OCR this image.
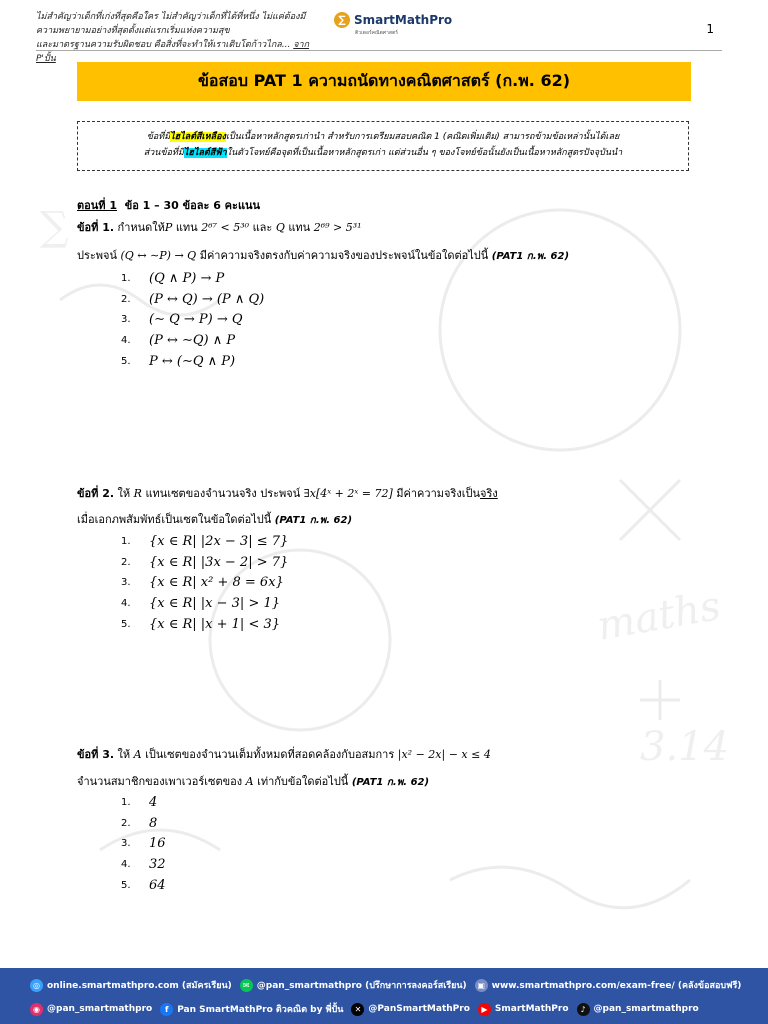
maths
3.14
∑
ไม่สำคัญว่าเด็กที่เก่งที่สุดคือใคร ไม่สำคัญว่าเด็กที่ได้ที่หนึ่ง ไม่แค่ต้องมีความพยายามอย่างที่สุดตั้งแต่แรกเริ่มแห่งความสุข
และมาตรฐานความรับผิดชอบ คือสิ่งที่จะทำให้เราเติบโตก้าวไกล... จาก P'ปั้น
∑ SmartMathPro
ติวเตอร์คณิตศาสตร์	1
ข้อสอบ PAT 1 ความถนัดทางคณิตศาสตร์ (ก.พ. 62)
ข้อที่มีไฮไลต์สีเหลืองเป็นเนื้อหาหลักสูตรเก่านำ สำหรับการเตรียมสอบคณิต 1 (คณิตเพิ่มเติม) สามารถข้ามข้อเหล่านั้นได้เลย
ส่วนข้อที่มีไฮไลต์สีฟ้าในตัวโจทย์คือจุดที่เป็นเนื้อหาหลักสูตรเก่า แต่ส่วนอื่น ๆ ของโจทย์ข้อนั้นยังเป็นเนื้อหาหลักสูตรปัจจุบันนำ
ตอนที่ 1 ข้อ 1 – 30 ข้อละ 6 คะแนน
ข้อที่ 1. กำหนดให้P แทน 2⁶⁷ < 5³⁰ และ Q แทน 2⁶⁹ > 5³¹
ประพจน์ (Q ↔ ∼P) → Q มีค่าความจริงตรงกับค่าความจริงของประพจน์ในข้อใดต่อไปนี้ (PAT1 ก.พ. 62)
1.	(Q ∧ P) → P
2.	(P ↔ Q) → (P ∧ Q)
3.	(∼ Q → P) → Q
4.	(P ↔ ∼Q) ∧ P
5.	P ↔ (∼Q ∧ P)
ข้อที่ 2. ให้ R แทนเซตของจำนวนจริง ประพจน์ ∃x[4ˣ + 2ˣ = 72] มีค่าความจริงเป็นจริง
เมื่อเอกภพสัมพัทธ์เป็นเซตในข้อใดต่อไปนี้ (PAT1 ก.พ. 62)
1.	{x ∈ R| |2x − 3| ≤ 7}
2.	{x ∈ R| |3x − 2| > 7}
3.	{x ∈ R| x² + 8 = 6x}
4.	{x ∈ R| |x − 3| > 1}
5.	{x ∈ R| |x + 1| < 3}
ข้อที่ 3. ให้ A เป็นเซตของจำนวนเต็มทั้งหมดที่สอดคล้องกับอสมการ |x² − 2x| − x ≤ 4
จำนวนสมาชิกของเพาเวอร์เซตของ A เท่ากับข้อใดต่อไปนี้ (PAT1 ก.พ. 62)
1.	4
2.	8
3.	16
4.	32
5.	64
◎ online.smartmathpro.com (สมัครเรียน)	✉ @pan_smartmathpro (ปรึกษาการลงคอร์สเรียน)	▣ www.smartmathpro.com/exam-free/ (คลังข้อสอบฟรี)
◉ @pan_smartmathpro	f Pan SmartMathPro ติวคณิต by พี่ปั้น	✕ @PanSmartMathPro	▶ SmartMathPro	♪ @pan_smartmathpro
